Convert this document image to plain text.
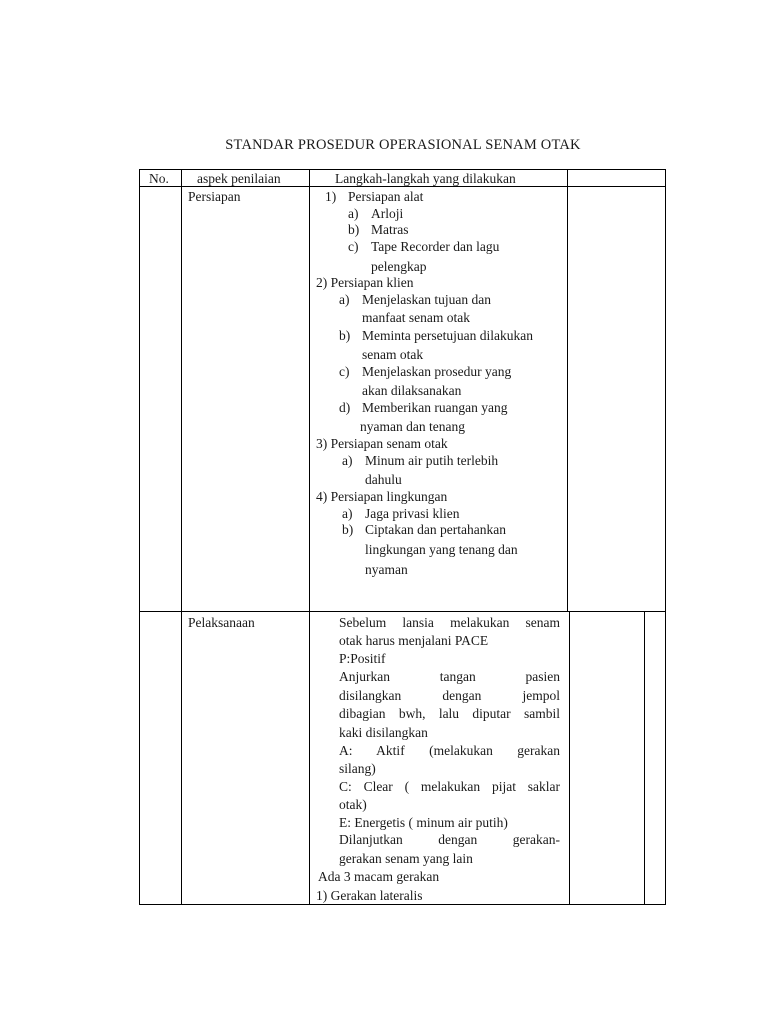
STANDAR PROSEDUR OPERASIONAL SENAM OTAK
No. aspek penilaian	Langkah-langkah yang dilakukan
Persiapan	1) Persiapan alat
a) Arloji
b) Matras
c) Tape Recorder dan lagu
pelengkap
2) Persiapan klien
a) Menjelaskan tujuan dan
manfaat senam otak
b) Meminta persetujuan dilakukan
senam otak
c) Menjelaskan prosedur yang
akan dilaksanakan
d) Memberikan ruangan yang
nyaman dan tenang
3) Persiapan senam otak
a) Minum air putih terlebih
dahulu
4) Persiapan lingkungan
a) Jaga privasi klien
b) Ciptakan dan pertahankan
lingkungan yang tenang dan
nyaman
Pelaksanaan	Sebelum lansia melakukan senam
otak harus menjalani PACE
P:Positif
Anjurkan tangan pasien
disilangkan dengan jempol
dibagian bwh, lalu diputar sambil
kaki disilangkan
A: Aktif (melakukan gerakan
silang)
C: Clear ( melakukan pijat saklar
otak)
E: Energetis ( minum air putih)
Dilanjutkan dengan gerakan-
gerakan senam yang lain
Ada 3 macam gerakan
1) Gerakan lateralis
